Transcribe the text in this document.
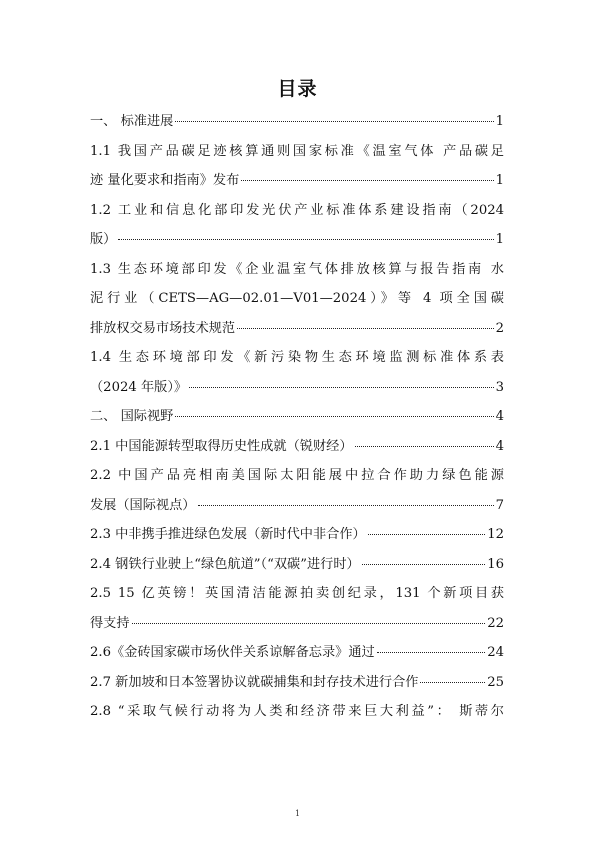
目录
一、 标准进展	1
1.1 我国产品碳足迹核算通则国家标准《温室气体 产品碳足
迹 量化要求和指南》发布	1
1.2 工业和信息化部印发光伏产业标准体系建设指南（2024
版）	1
1.3 生态环境部印发《企业温室气体排放核算与报告指南 水
泥行业（CETS—AG—02.01—V01—2024）》等 4 项全国碳
排放权交易市场技术规范	2
1.4 生态环境部印发《新污染物生态环境监测标准体系表
（2024 年版）》	3
二、 国际视野	4
2.1 中国能源转型取得历史性成就（锐财经）	4
2.2 中国产品亮相南美国际太阳能展中拉合作助力绿色能源
发展（国际视点）	7
2.3 中非携手推进绿色发展（新时代中非合作）	12
2.4 钢铁行业驶上“绿色航道”（“双碳”进行时）	16
2.5 15 亿英镑！英国清洁能源拍卖创纪录，131 个新项目获
得支持	22
2.6《金砖国家碳市场伙伴关系谅解备忘录》通过	24
2.7 新加坡和日本签署协议就碳捕集和封存技术进行合作	25
2.8 “采取气候行动将为人类和经济带来巨大利益”： 斯蒂尔
1
